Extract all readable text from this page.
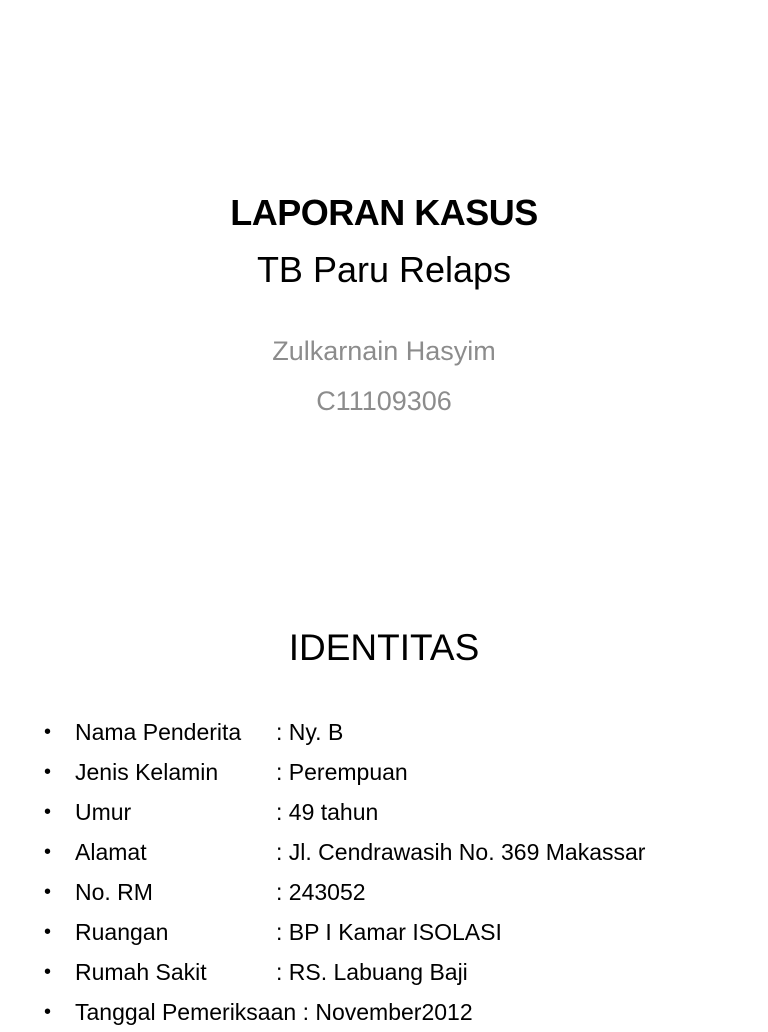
LAPORAN KASUS
TB Paru Relaps
Zulkarnain Hasyim
C11109306
IDENTITAS
• Nama Penderita : Ny. B
• Jenis Kelamin	: Perempuan
• Umur	: 49 tahun
• Alamat	: Jl. Cendrawasih No. 369 Makassar
• No. RM	: 243052
• Ruangan	: BP I Kamar ISOLASI
• Rumah Sakit	: RS. Labuang Baji
• Tanggal Pemeriksaan : November2012
